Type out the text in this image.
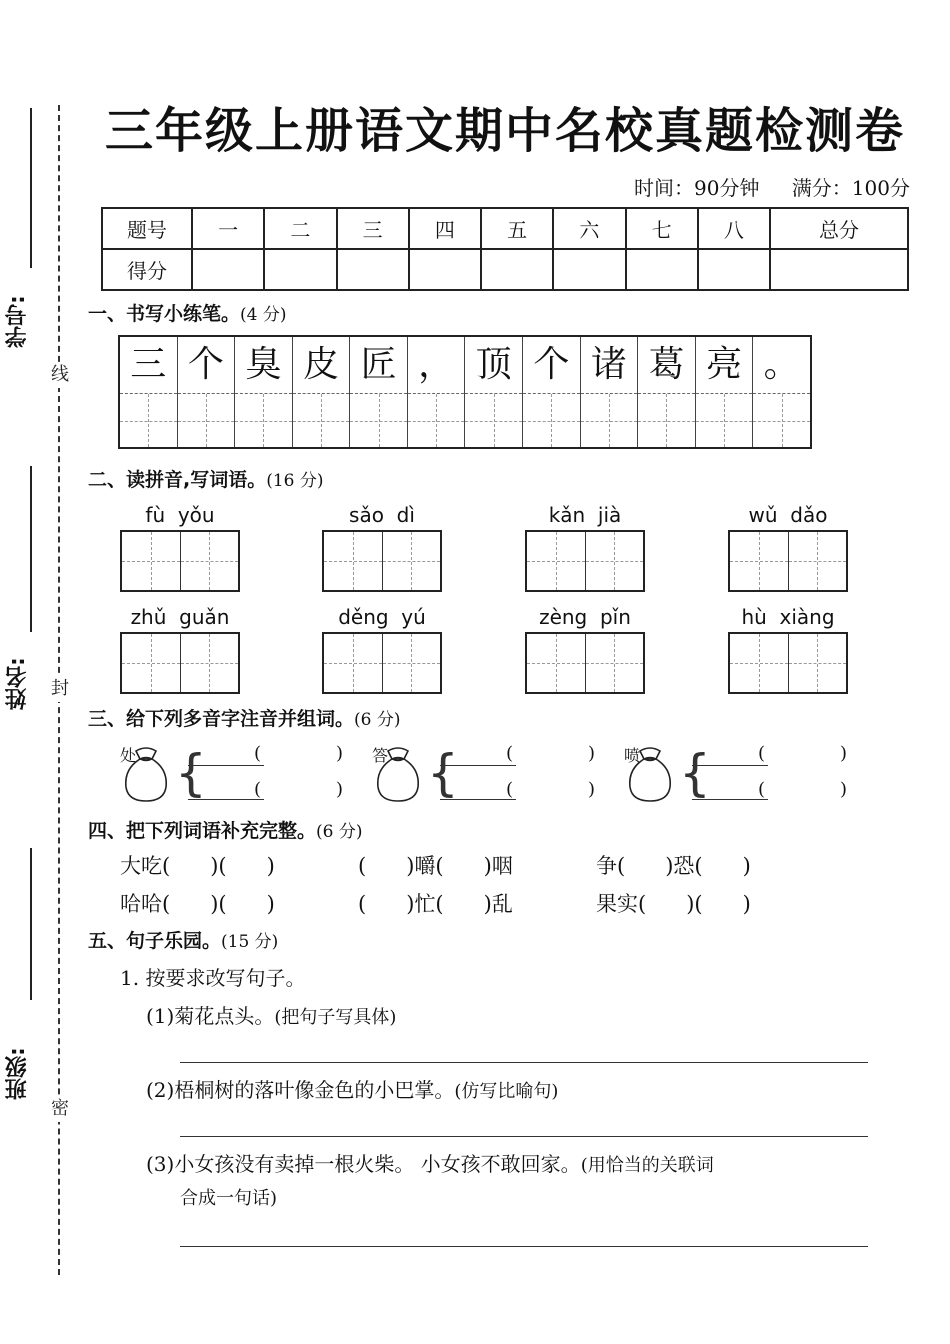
学号:
姓名:
班级:
线
封
密
三年级上册语文期中名校真题检测卷
时间：90分钟 满分：100分
题号	一	二	三	四	五	六	七	八	总分
得分									
一、书写小练笔。(4 分)
三 个 臭 皮 匠 ， 顶 个 诸 葛 亮 。
二、读拼音,写词语。(16 分)
fù  yǒu	sǎo  dì	kǎn  jià	wǔ  dǎo
zhǔ  guǎn	děng  yú	zèng  pǐn	hù  xiàng
三、给下列多音字注音并组词。(6 分)
处 {	(	)
(	)
答 {	(	)
(	)
喷 {	(	)
(	)
四、把下列词语补充完整。(6 分)
大吃(      )(      )	(      )嚼(      )咽	争(      )恐(      )
哈哈(      )(      )	(      )忙(      )乱	果实(      )(      )
五、句子乐园。(15 分)
1. 按要求改写句子。
(1)菊花点头。(把句子写具体)
(2)梧桐树的落叶像金色的小巴掌。(仿写比喻句)
(3)小女孩没有卖掉一根火柴。 小女孩不敢回家。(用恰当的关联词
合成一句话)
